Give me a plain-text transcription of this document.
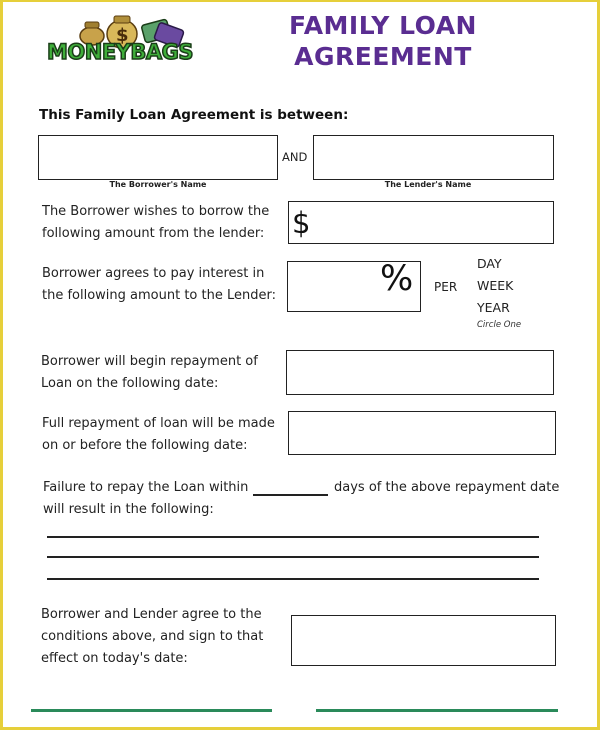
$
MONEYBAGS
FAMILY LOAN
AGREEMENT
This Family Loan Agreement is between:
AND
The Borrower's Name	The Lender's Name
The Borrower wishes to borrow the
following amount from the lender: $
Borrower agrees to pay interest in
the following amount to the Lender:	% PER
DAY
WEEK
YEAR
Circle One
Borrower will begin repayment of
Loan on the following date:
Full repayment of loan will be made
on or before the following date:
Failure to repay the Loan within	days of the above repayment date
will result in the following:
Borrower and Lender agree to the
conditions above, and sign to that
effect on today's date:
